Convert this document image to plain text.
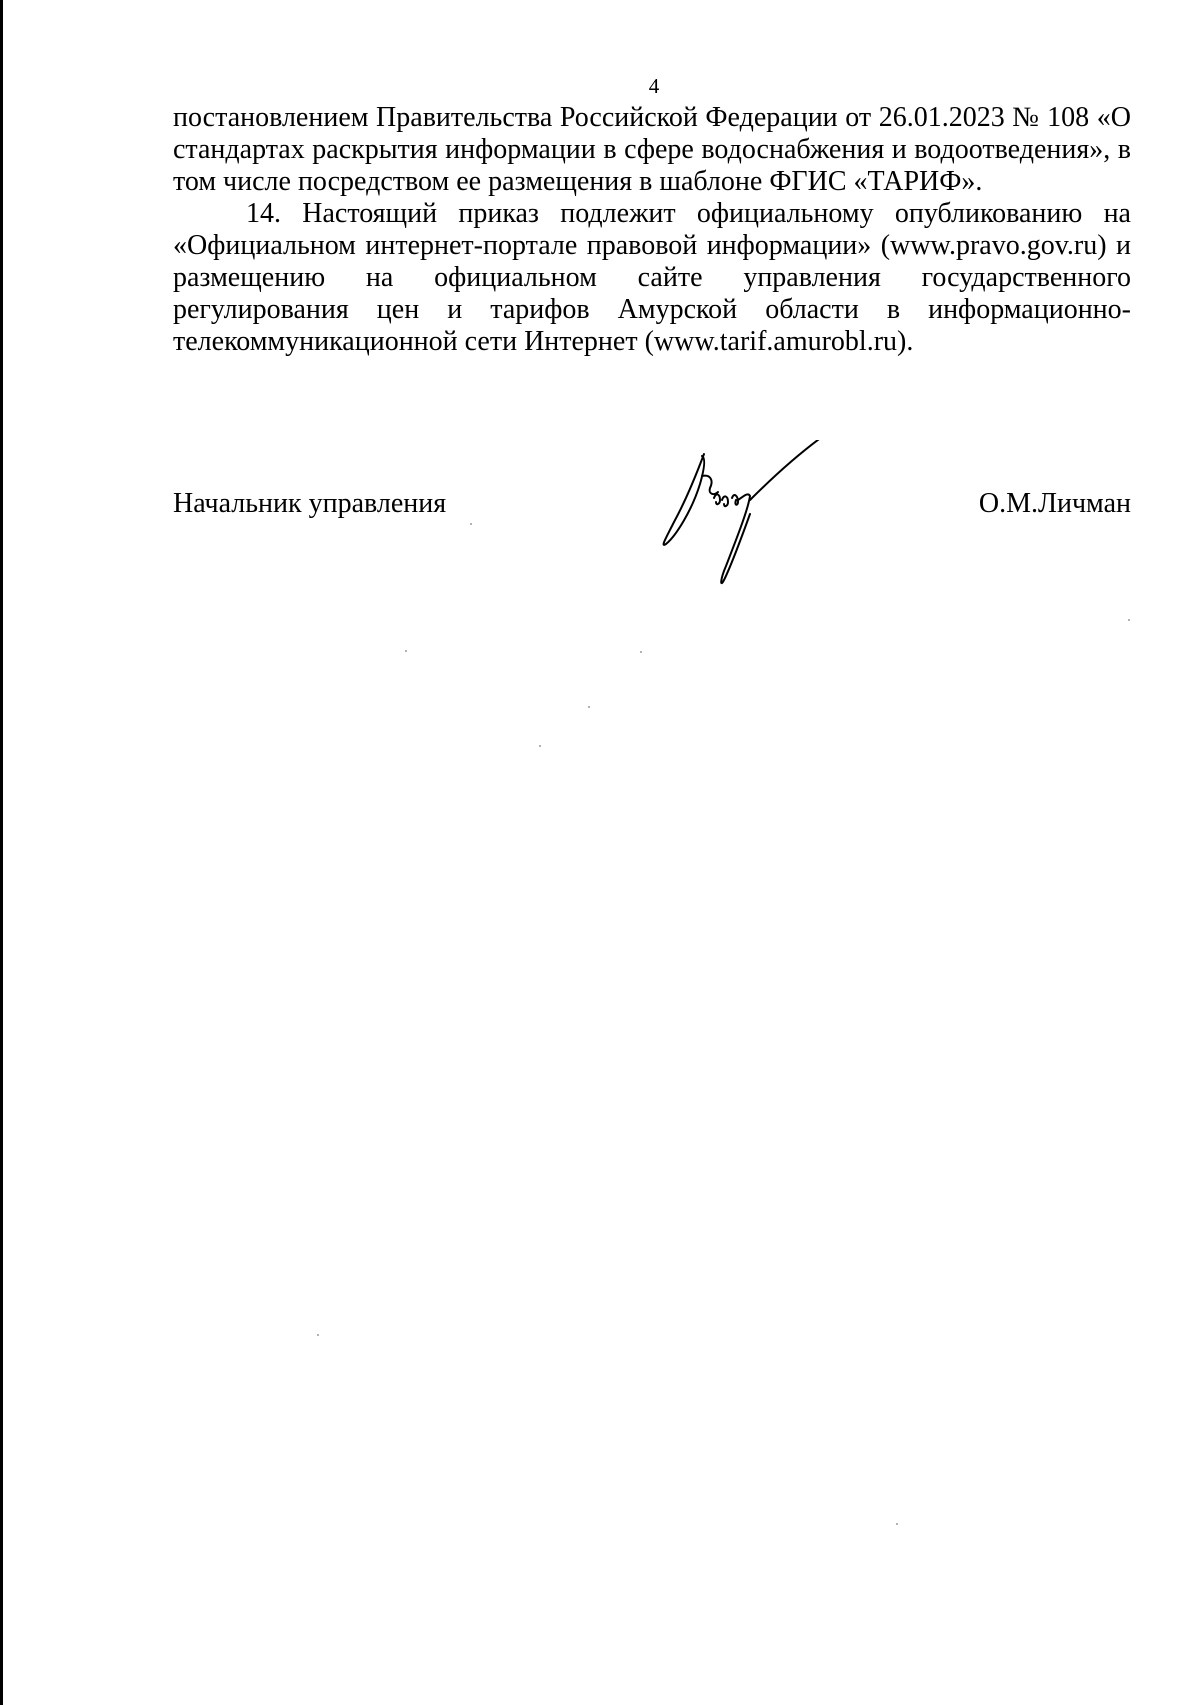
4

постановлением Правительства Российской Федерации от 26.01.2023 № 108 «О стандартах раскрытия информации в сфере водоснабжения и водоотведения», в том числе посредством ее размещения в шаблоне ФГИС «ТАРИФ».

14. Настоящий приказ подлежит официальному опубликованию на «Официальном интернет-портале правовой информации» (www.pravo.gov.ru) и размещению на официальном сайте управления государственного регулирования цен и тарифов Амурской области в информационно-телекоммуникационной сети Интернет (www.tarif.amurobl.ru).

Начальник управления	О.М.Личман
